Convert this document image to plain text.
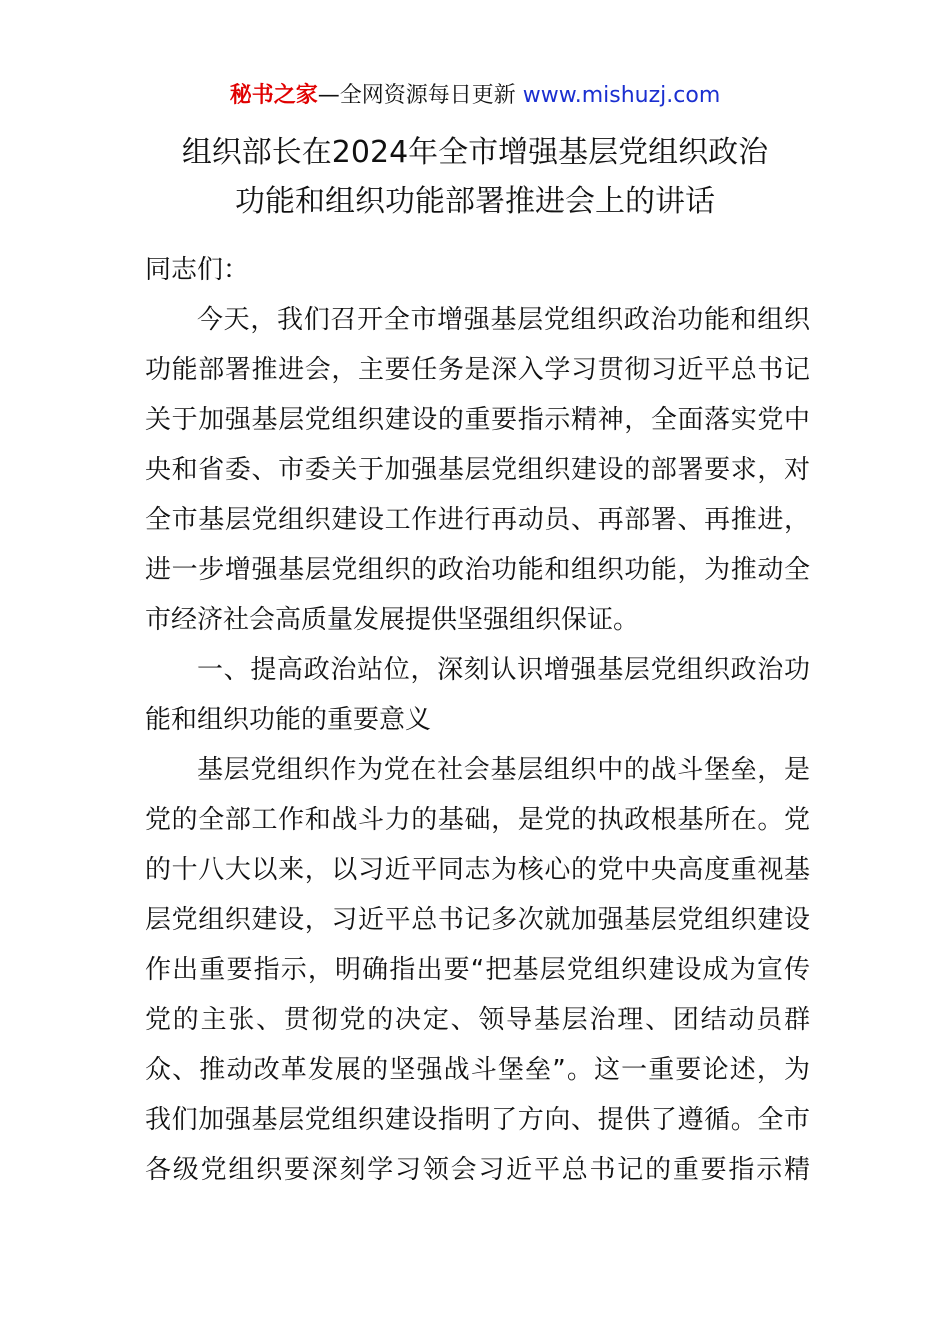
秘书之家—全网资源每日更新 www.mishuzj.com
组织部长在2024年全市增强基层党组织政治
功能和组织功能部署推进会上的讲话
同志们：
今天，我们召开全市增强基层党组织政治功能和组织
功能部署推进会，主要任务是深入学习贯彻习近平总书记
关于加强基层党组织建设的重要指示精神，全面落实党中
央和省委、市委关于加强基层党组织建设的部署要求，对
全市基层党组织建设工作进行再动员、再部署、再推进，
进一步增强基层党组织的政治功能和组织功能，为推动全
市经济社会高质量发展提供坚强组织保证。
一、提高政治站位，深刻认识增强基层党组织政治功
能和组织功能的重要意义
基层党组织作为党在社会基层组织中的战斗堡垒，是
党的全部工作和战斗力的基础，是党的执政根基所在。党
的十八大以来，以习近平同志为核心的党中央高度重视基
层党组织建设，习近平总书记多次就加强基层党组织建设
作出重要指示，明确指出要“把基层党组织建设成为宣传
党的主张、贯彻党的决定、领导基层治理、团结动员群
众、推动改革发展的坚强战斗堡垒”。这一重要论述，为
我们加强基层党组织建设指明了方向、提供了遵循。全市
各级党组织要深刻学习领会习近平总书记的重要指示精
